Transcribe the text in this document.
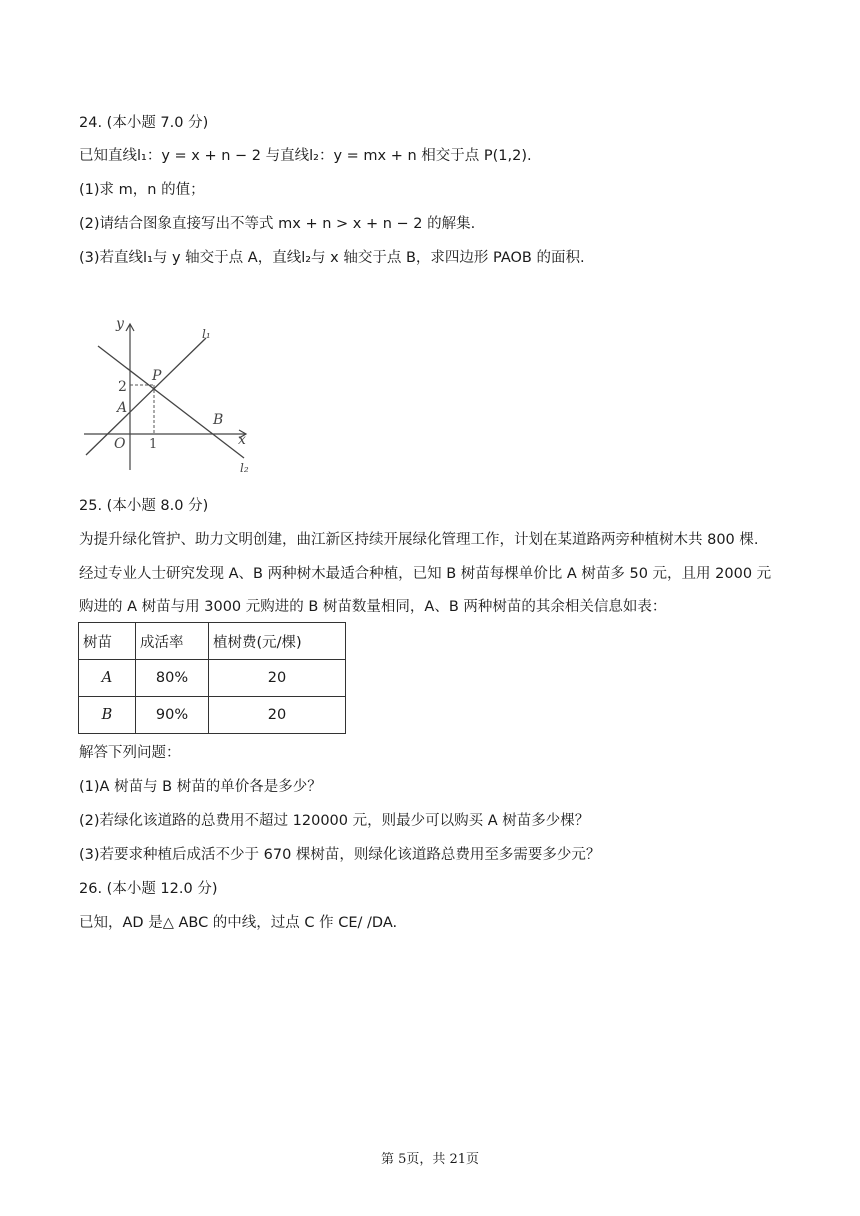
24. (本小题 7.0 分)
已知直线l₁：y = x + n − 2 与直线l₂：y = mx + n 相交于点 P(1,2).
(1)求 m，n 的值；
(2)请结合图象直接写出不等式 mx + n > x + n − 2 的解集.
(3)若直线l₁与 y 轴交于点 A，直线l₂与 x 轴交于点 B，求四边形 PAOB 的面积.
y
x
l₁
l₂
P
A
B
O
2
1
25. (本小题 8.0 分)
为提升绿化管护、助力文明创建，曲江新区持续开展绿化管理工作，计划在某道路两旁种植树木共 800 棵.
经过专业人士研究发现 A、B 两种树木最适合种植，已知 B 树苗每棵单价比 A 树苗多 50 元，且用 2000 元
购进的 A 树苗与用 3000 元购进的 B 树苗数量相同，A、B 两种树苗的其余相关信息如表：
树苗	成活率	植树费(元/棵)
A	80%	20
B	90%	20
解答下列问题：
(1)A 树苗与 B 树苗的单价各是多少？
(2)若绿化该道路的总费用不超过 120000 元，则最少可以购买 A 树苗多少棵？
(3)若要求种植后成活不少于 670 棵树苗，则绿化该道路总费用至多需要多少元？
26. (本小题 12.0 分)
已知，AD 是△ ABC 的中线，过点 C 作 CE/ /DA.
第 5页，共 21页
